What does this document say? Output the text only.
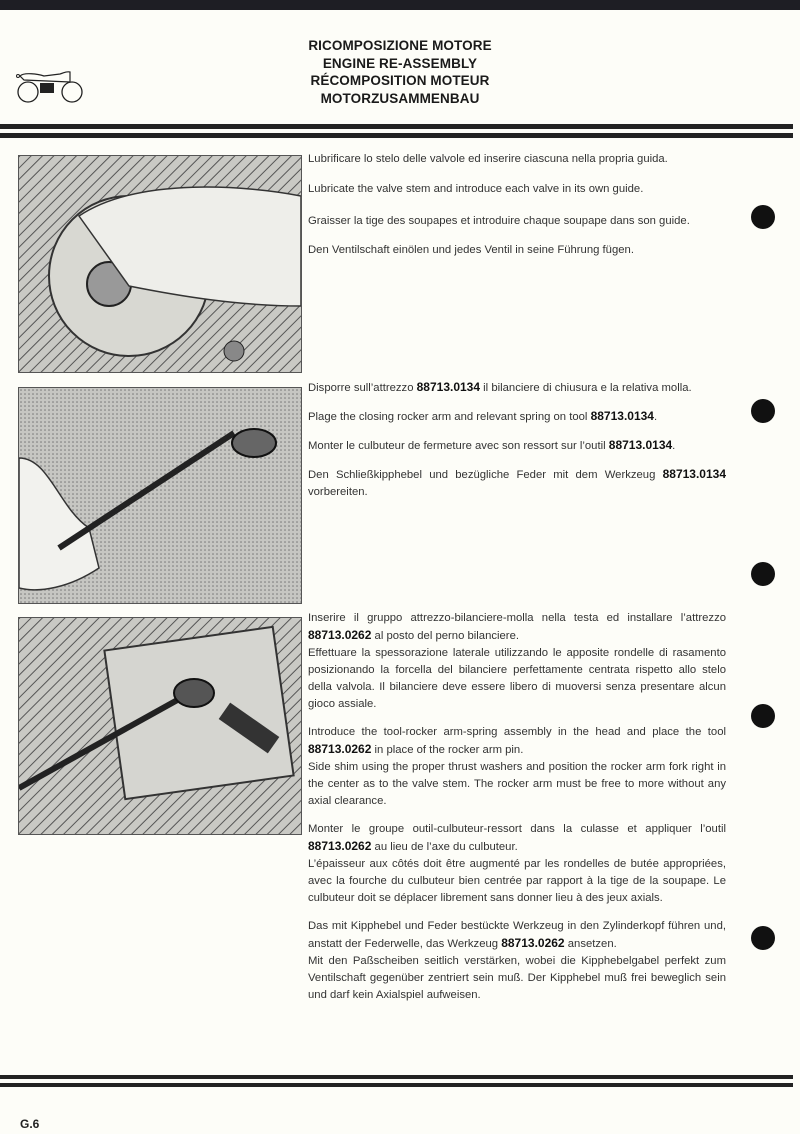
RICOMPOSIZIONE MOTORE
ENGINE RE-ASSEMBLY
RÉCOMPOSITION MOTEUR
MOTORZUSAMMENBAU

Lubrificare lo stelo delle valvole ed inserire ciascuna nella propria guida.

Lubricate the valve stem and introduce each valve in its own guide.

Graisser la tige des soupapes et introduire chaque soupape dans son guide.

Den Ventilschaft einölen und jedes Ventil in seine Führung fügen.

Disporre sull’attrezzo 88713.0134 il bilanciere di chiusura e la relativa molla.

Plage the closing rocker arm and relevant spring on tool 88713.0134.

Monter le culbuteur de fermeture avec son ressort sur l’outil 88713.0134.

Den Schließkipphebel und bezügliche Feder mit dem Werkzeug 88713.0134 vorbereiten.

Inserire il gruppo attrezzo-bilanciere-molla nella testa ed installare l’attrezzo 88713.0262 al posto del perno bilanciere.
Effettuare la spessorazione laterale utilizzando le apposite rondelle di rasamento posizionando la forcella del bilanciere perfettamente centrata rispetto allo stelo della valvola. Il bilanciere deve essere libero di muoversi senza presentare alcun gioco assiale.

Introduce the tool-rocker arm-spring assembly in the head and place the tool 88713.0262 in place of the rocker arm pin.
Side shim using the proper thrust washers and position the rocker arm fork right in the center as to the valve stem. The rocker arm must be free to more without any axial clearance.

Monter le groupe outil-culbuteur-ressort dans la culasse et appliquer l’outil 88713.0262 au lieu de l’axe du culbuteur.
L’épaisseur aux côtés doit être augmenté par les rondelles de butée appropriées, avec la fourche du culbuteur bien centrée par rapport à la tige de la soupape. Le culbuteur doit se déplacer librement sans donner lieu à des jeux axials.

Das mit Kipphebel und Feder bestückte Werkzeug in den Zylinderkopf führen und, anstatt der Federwelle, das Werkzeug 88713.0262 ansetzen.
Mit den Paßscheiben seitlich verstärken, wobei die Kipphebelgabel perfekt zum Ventilschaft gegenüber zentriert sein muß. Der Kipphebel muß frei beweglich sein und darf kein Axialspiel aufweisen.

G.6
